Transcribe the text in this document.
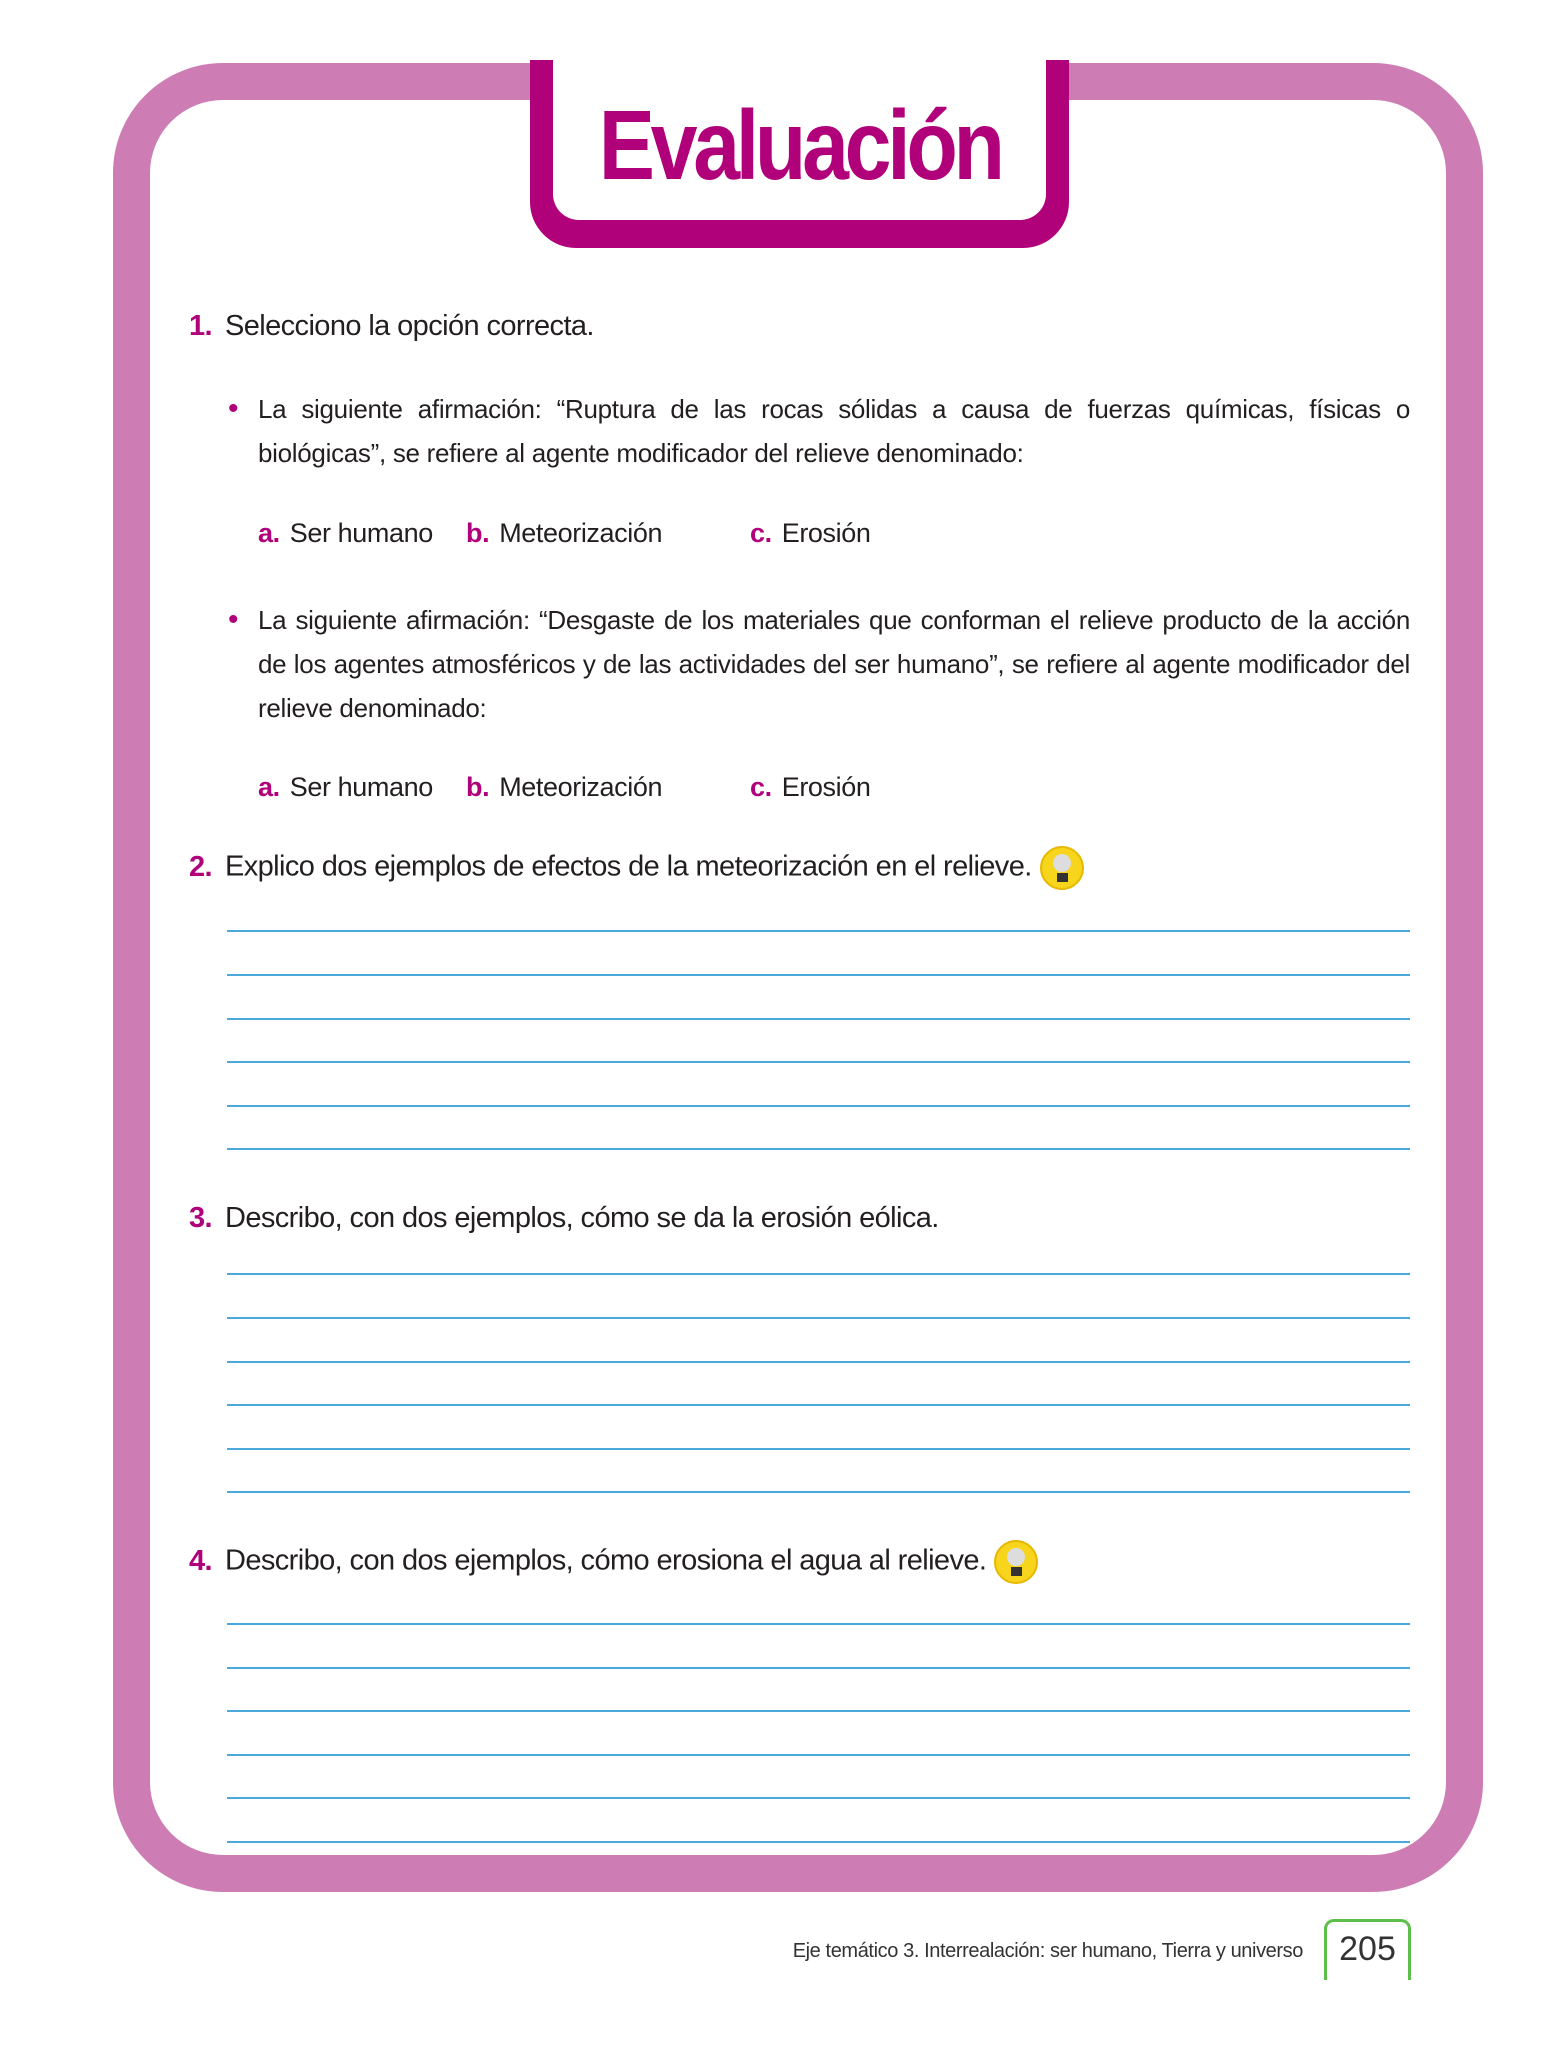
Evaluación
1. Selecciono la opción correcta.
• La siguiente afirmación: “Ruptura de las rocas sólidas a causa de fuerzas químicas, físicas o biológicas”, se refiere al agente modificador del relieve denominado:

a. Ser humano b. Meteorización	c. Erosión
• La siguiente afirmación: “Desgaste de los materiales que conforman el relieve producto de la acción de los agentes atmosféricos y de las actividades del ser humano”, se refiere al agente modificador del relieve denominado:

a. Ser humano b. Meteorización	c. Erosión
2. Explico dos ejemplos de efectos de la meteorización en el relieve.
3. Describo, con dos ejemplos, cómo se da la erosión eólica.
4. Describo, con dos ejemplos, cómo erosiona el agua al relieve.
Eje temático 3. Interrealación: ser humano, Tierra y universo	205
